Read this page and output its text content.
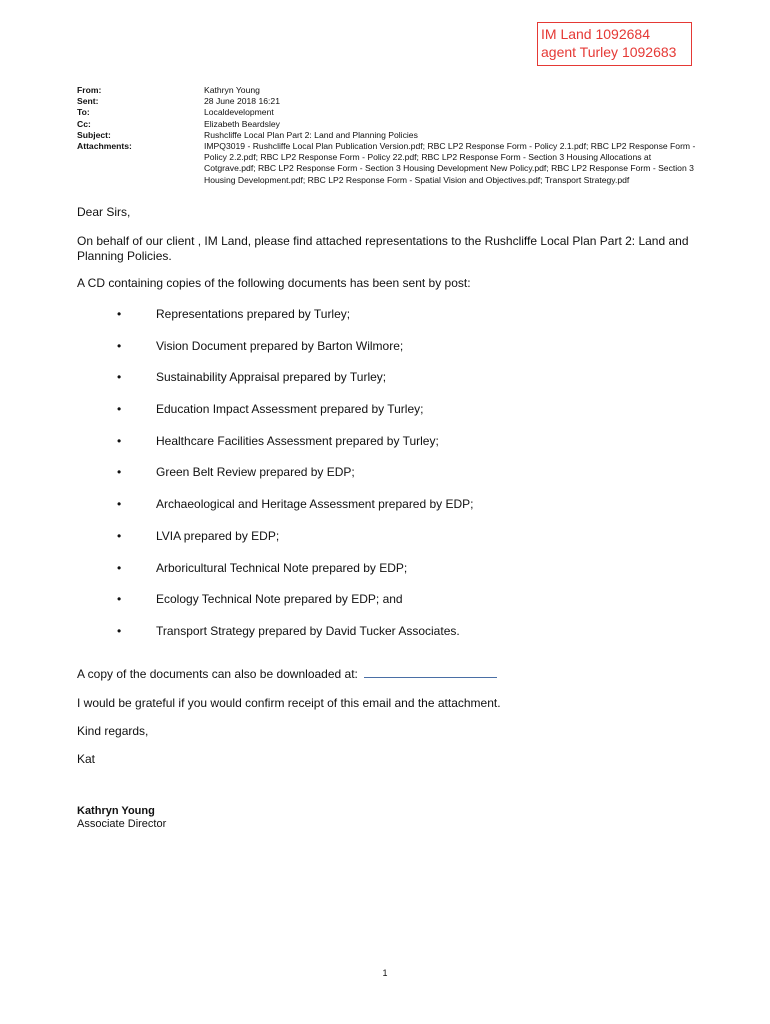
IM Land 1092684
agent Turley 1092683
From:	Kathryn Young
Sent:	28 June 2018 16:21
To:	Localdevelopment
Cc:	Elizabeth Beardsley
Subject:	Rushcliffe Local Plan Part 2: Land and Planning Policies
Attachments:	IMPQ3019 - Rushcliffe Local Plan Publication Version.pdf; RBC LP2 Response Form - Policy 2.1.pdf; RBC LP2 Response Form - Policy 2.2.pdf; RBC LP2 Response Form - Policy 22.pdf; RBC LP2 Response Form - Section 3 Housing Allocations at Cotgrave.pdf; RBC LP2 Response Form - Section 3 Housing Development New Policy.pdf; RBC LP2 Response Form - Section 3 Housing Development.pdf; RBC LP2 Response Form - Spatial Vision and Objectives.pdf; Transport Strategy.pdf

Dear Sirs,

On behalf of our client , IM Land, please find attached representations to the Rushcliffe Local Plan Part 2: Land and Planning Policies.

A CD containing copies of the following documents has been sent by post:

•	Representations prepared by Turley;
•	Vision Document prepared by Barton Wilmore;
•	Sustainability Appraisal prepared by Turley;
•	Education Impact Assessment prepared by Turley;
•	Healthcare Facilities Assessment prepared by Turley;
•	Green Belt Review prepared by EDP;
•	Archaeological and Heritage Assessment prepared by EDP;
•	LVIA prepared by EDP;
•	Arboricultural Technical Note prepared by EDP;
•	Ecology Technical Note prepared by EDP; and
•	Transport Strategy prepared by David Tucker Associates.

A copy of the documents can also be downloaded at:

I would be grateful if you would confirm receipt of this email and the attachment.

Kind regards,

Kat

Kathryn Young
Associate Director
1
